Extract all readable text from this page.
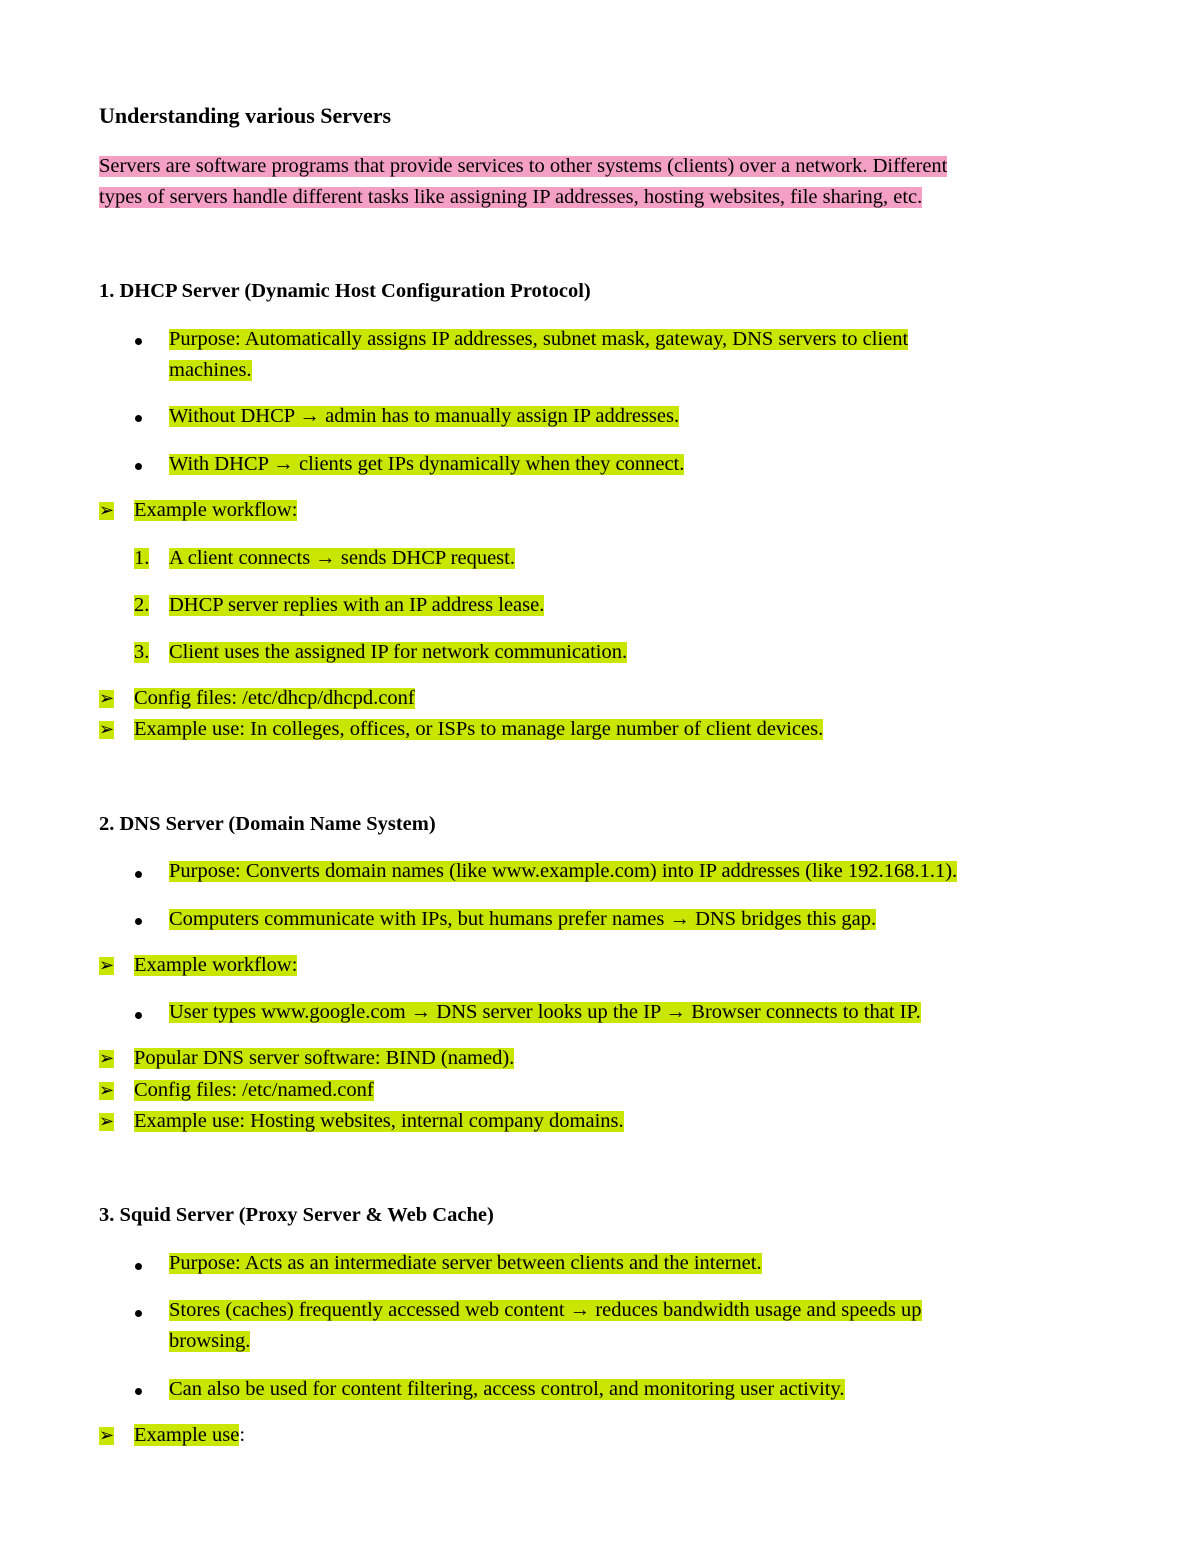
Understanding various Servers
Servers are software programs that provide services to other systems (clients) over a network. Different
types of servers handle different tasks like assigning IP addresses, hosting websites, file sharing, etc.
1. DHCP Server (Dynamic Host Configuration Protocol)
Purpose: Automatically assigns IP addresses, subnet mask, gateway, DNS servers to client
machines.
Without DHCP → admin has to manually assign IP addresses.
With DHCP → clients get IPs dynamically when they connect.
➢ Example workflow:
1. A client connects → sends DHCP request.
2. DHCP server replies with an IP address lease.
3. Client uses the assigned IP for network communication.
➢ Config files: /etc/dhcp/dhcpd.conf
➢ Example use: In colleges, offices, or ISPs to manage large number of client devices.
2. DNS Server (Domain Name System)
Purpose: Converts domain names (like www.example.com) into IP addresses (like 192.168.1.1).
Computers communicate with IPs, but humans prefer names → DNS bridges this gap.
➢ Example workflow:
User types www.google.com → DNS server looks up the IP → Browser connects to that IP.
➢ Popular DNS server software: BIND (named).
➢ Config files: /etc/named.conf
➢ Example use: Hosting websites, internal company domains.
3. Squid Server (Proxy Server & Web Cache)
Purpose: Acts as an intermediate server between clients and the internet.
Stores (caches) frequently accessed web content → reduces bandwidth usage and speeds up
browsing.
Can also be used for content filtering, access control, and monitoring user activity.
➢ Example use:
